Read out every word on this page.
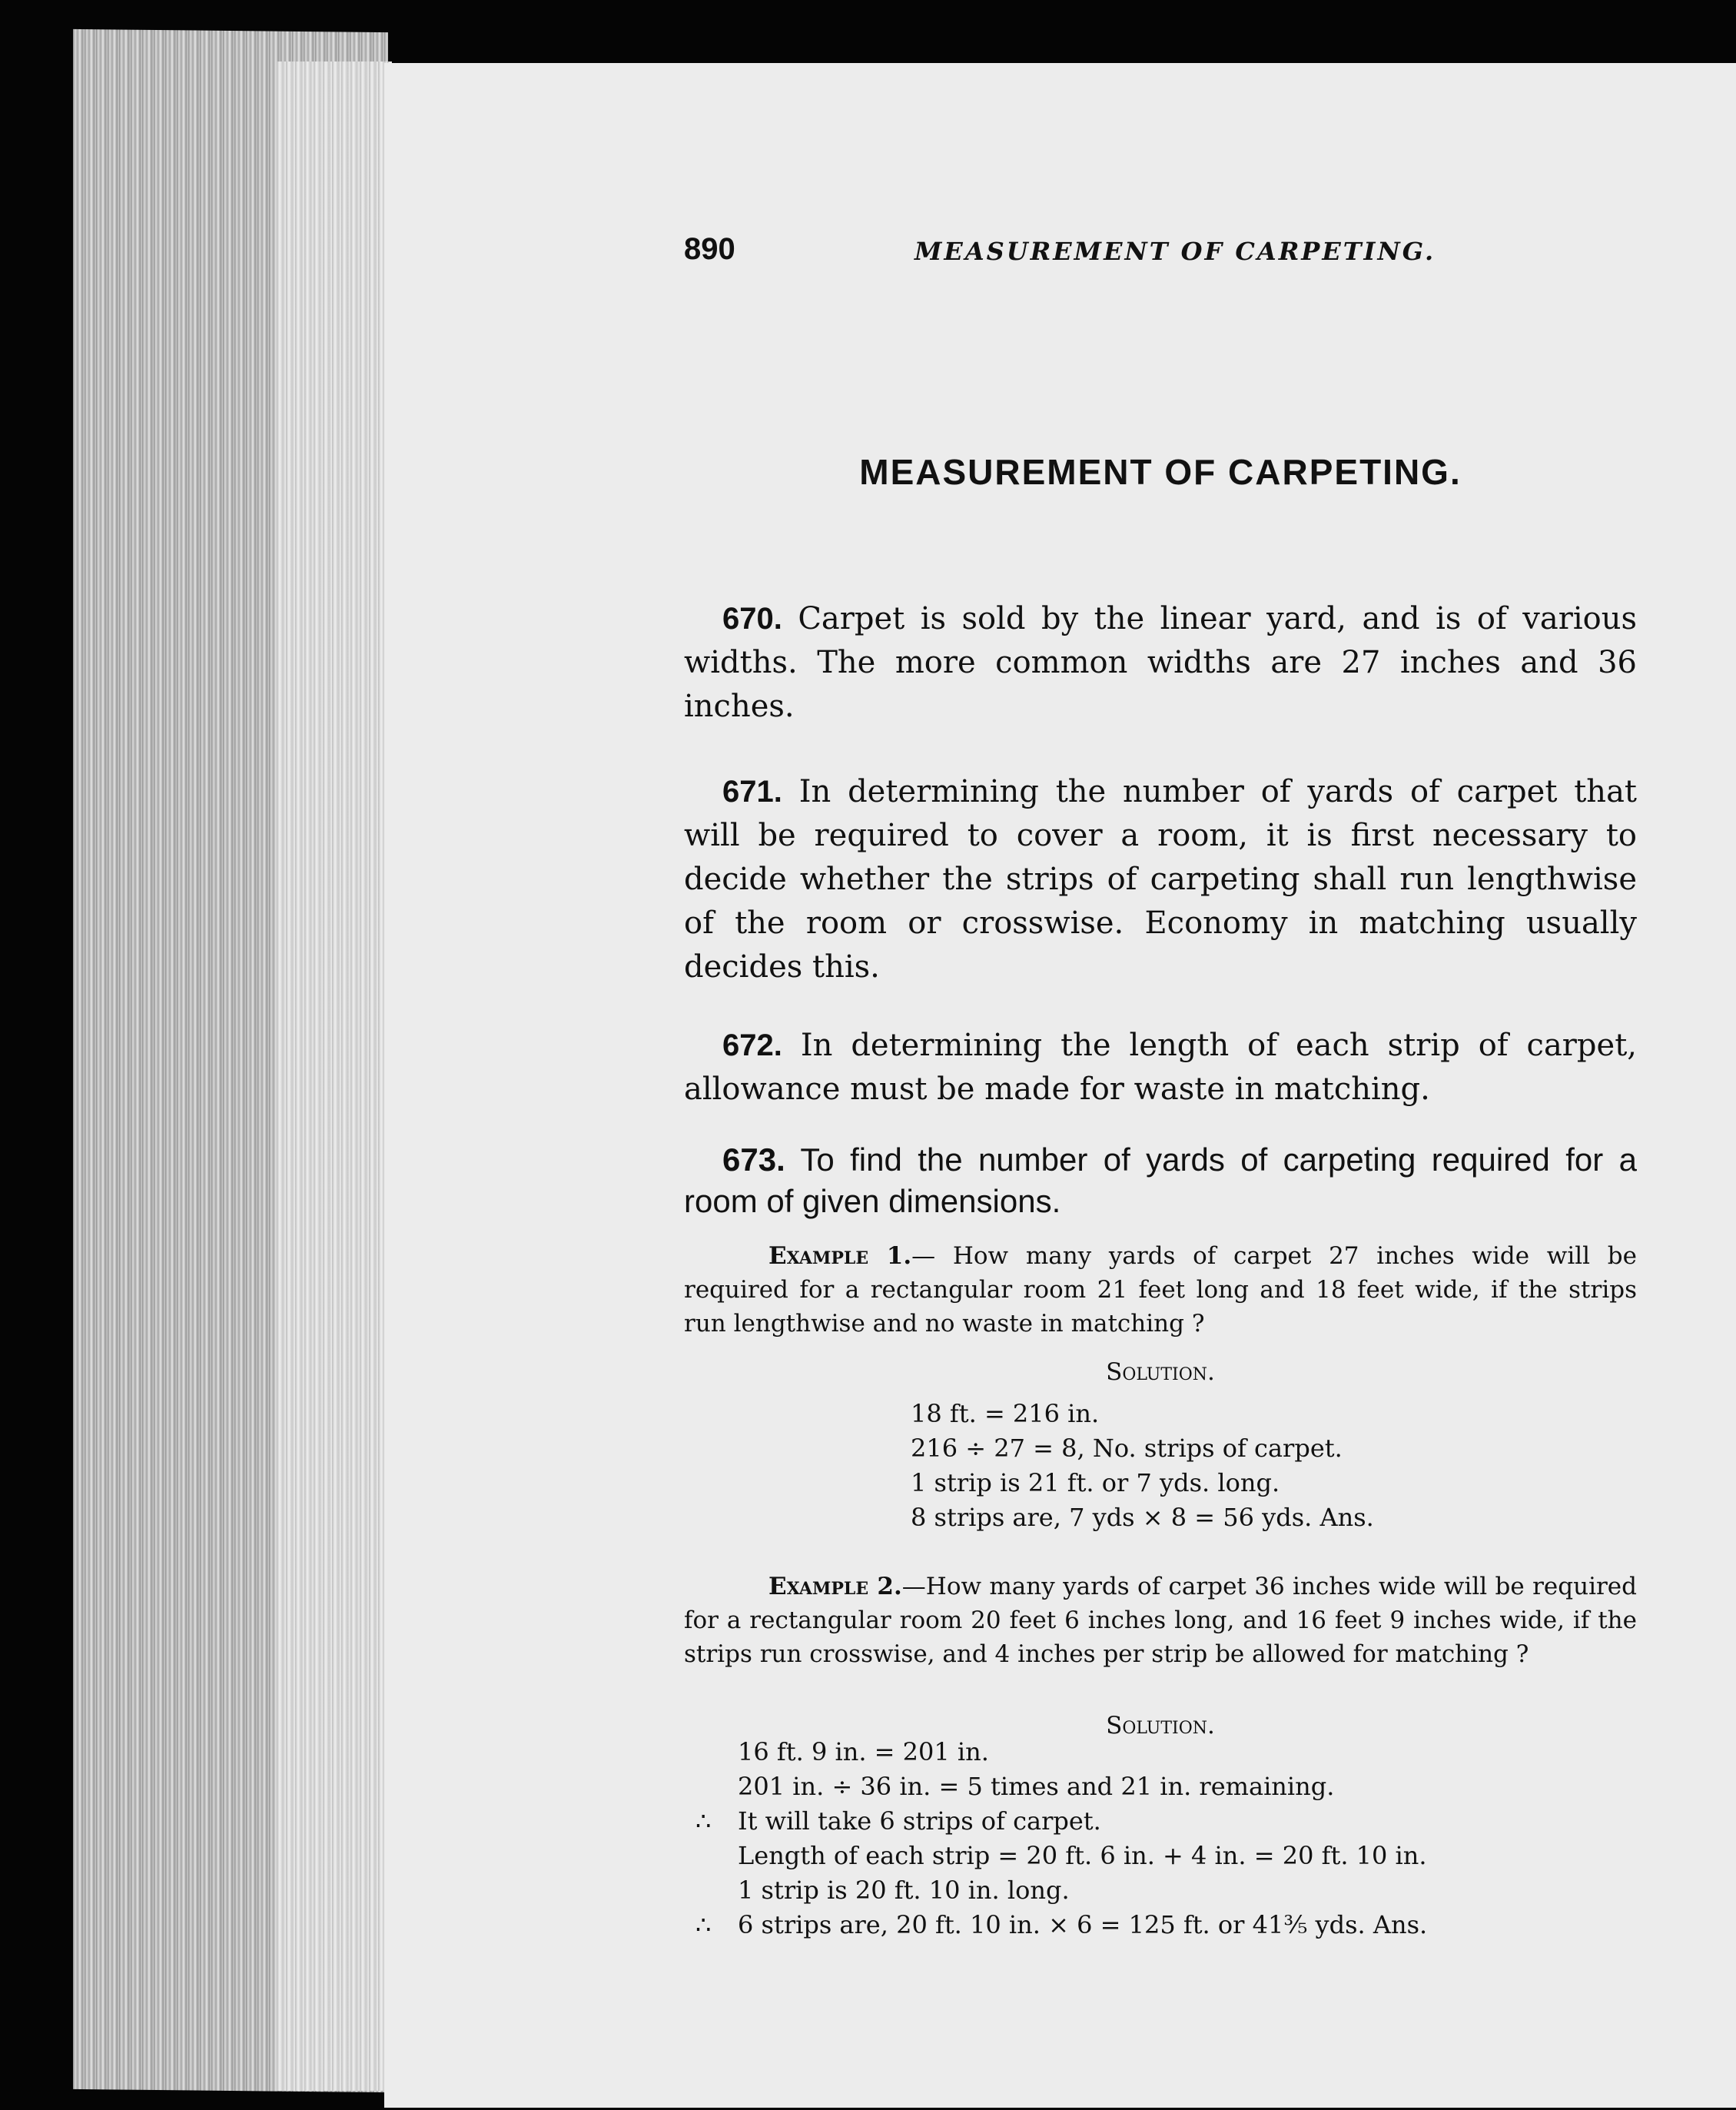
890	MEASUREMENT OF CARPETING.
MEASUREMENT OF CARPETING.
670. Carpet is sold by the linear yard, and is of various widths. The more common widths are 27 inches and 36 inches.
671. In determining the number of yards of carpet that will be required to cover a room, it is first necessary to decide whether the strips of carpeting shall run lengthwise of the room or crosswise. Economy in matching usually decides this.
672. In determining the length of each strip of carpet, allowance must be made for waste in matching.
673. To find the number of yards of carpeting required for a room of given dimensions.
Example 1.— How many yards of carpet 27 inches wide will be required for a rectangular room 21 feet long and 18 feet wide, if the strips run lengthwise and no waste in matching ?
Solution.
18 ft. = 216 in.
216 ÷ 27 = 8, No. strips of carpet.
1 strip is 21 ft. or 7 yds. long.
8 strips are, 7 yds × 8 = 56 yds. Ans.
Example 2.—How many yards of carpet 36 inches wide will be required for a rectangular room 20 feet 6 inches long, and 16 feet 9 inches wide, if the strips run crosswise, and 4 inches per strip be allowed for matching ?
Solution.
16 ft. 9 in. = 201 in.
201 in. ÷ 36 in. = 5 times and 21 in. remaining.
∴ It will take 6 strips of carpet.
Length of each strip = 20 ft. 6 in. + 4 in. = 20 ft. 10 in.
1 strip is 20 ft. 10 in. long.
∴ 6 strips are, 20 ft. 10 in. × 6 = 125 ft. or 41⅗ yds. Ans.
